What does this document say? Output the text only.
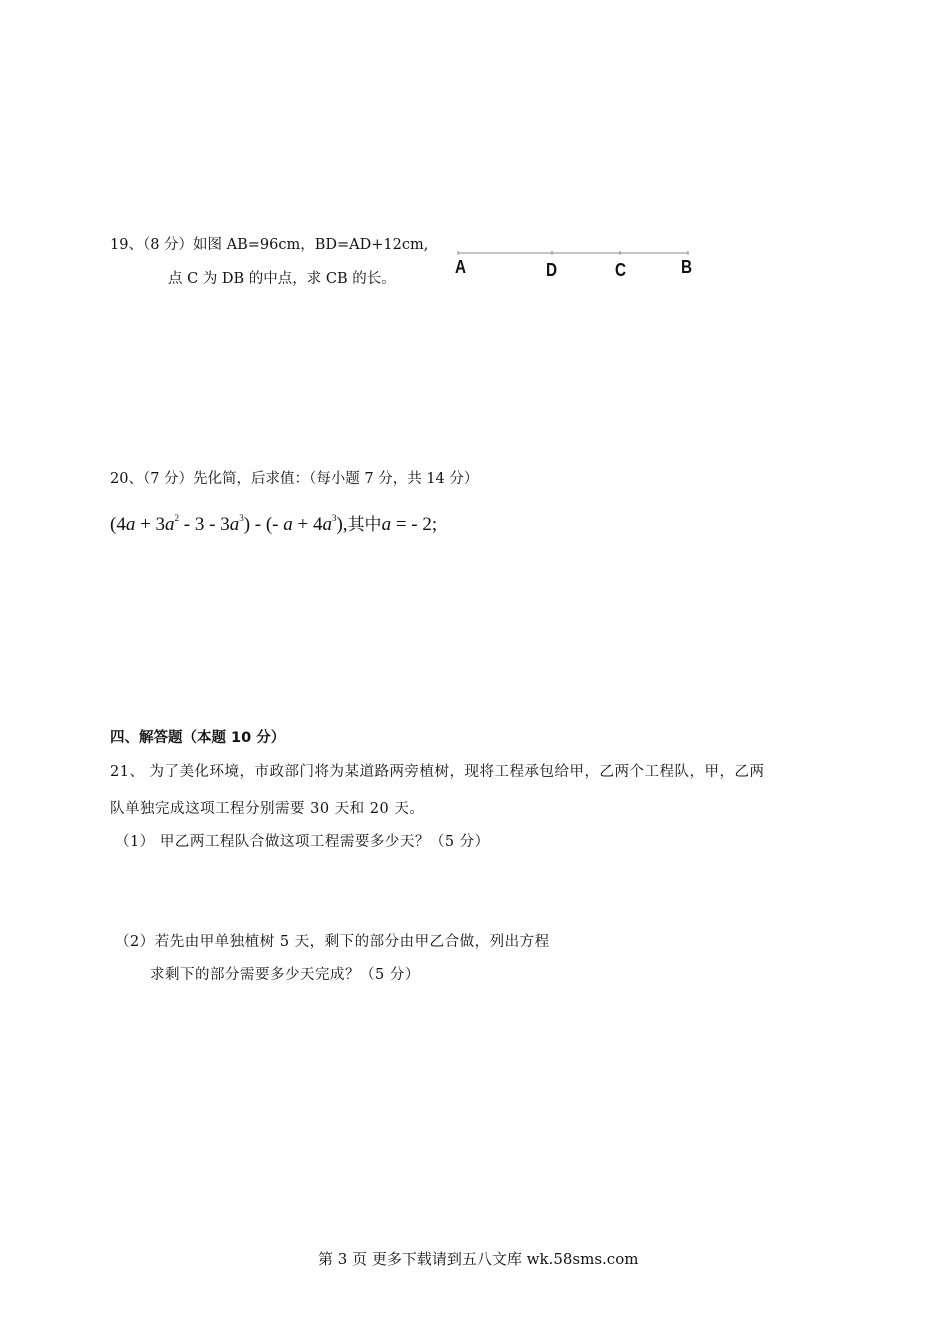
19、（8 分）如图 AB=96cm，BD=AD+12cm,
点 C 为 DB 的中点，求 CB 的长。
A	D	C	B
20、（7 分）先化简，后求值：（每小题 7 分，共 14 分）
$(4a + 3a^2 - 3 - 3a^3)$ - (- $a + 4a^3$),其中a = - 2;
四、解答题（本题 10 分）
21、 为了美化环境，市政部门将为某道路两旁植树，现将工程承包给甲，乙两个工程队，甲，乙两
队单独完成这项工程分别需要 30 天和 20 天。
（1） 甲乙两工程队合做这项工程需要多少天？（5 分）
（2）若先由甲单独植树 5 天，剩下的部分由甲乙合做，列出方程
求剩下的部分需要多少天完成？（5 分）
第 3 页 更多下载请到五八文库 wk.58sms.com
